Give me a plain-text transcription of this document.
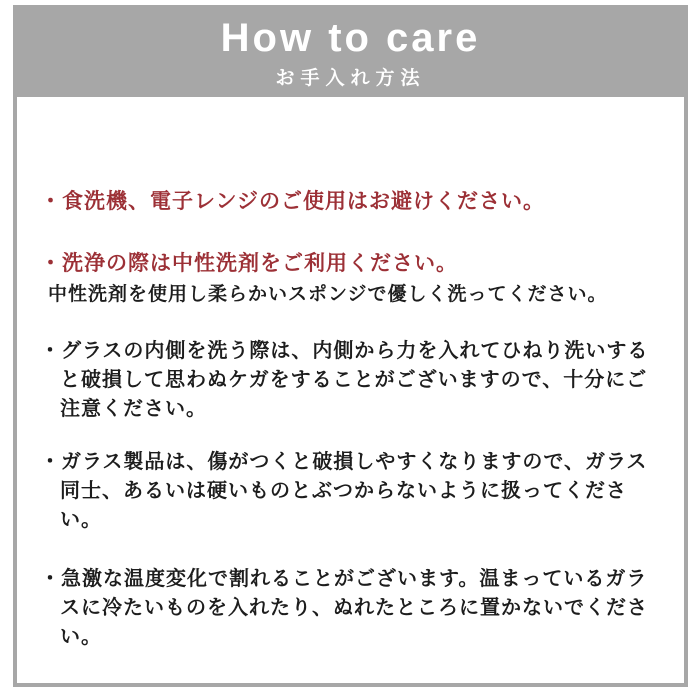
How to care
お手入れ方法

・食洗機、電子レンジのご使用はお避けください。

・洗浄の際は中性洗剤をご利用ください。

中性洗剤を使用し柔らかいスポンジで優しく洗ってください。

・グラスの内側を洗う際は、内側から力を入れてひねり洗いすると破損して思わぬケガをすることがございますので、十分にご注意ください。

・ガラス製品は、傷がつくと破損しやすくなりますので、ガラス同士、あるいは硬いものとぶつからないように扱ってください。

・急激な温度変化で割れることがございます。温まっているガラスに冷たいものを入れたり、ぬれたところに置かないでください。
